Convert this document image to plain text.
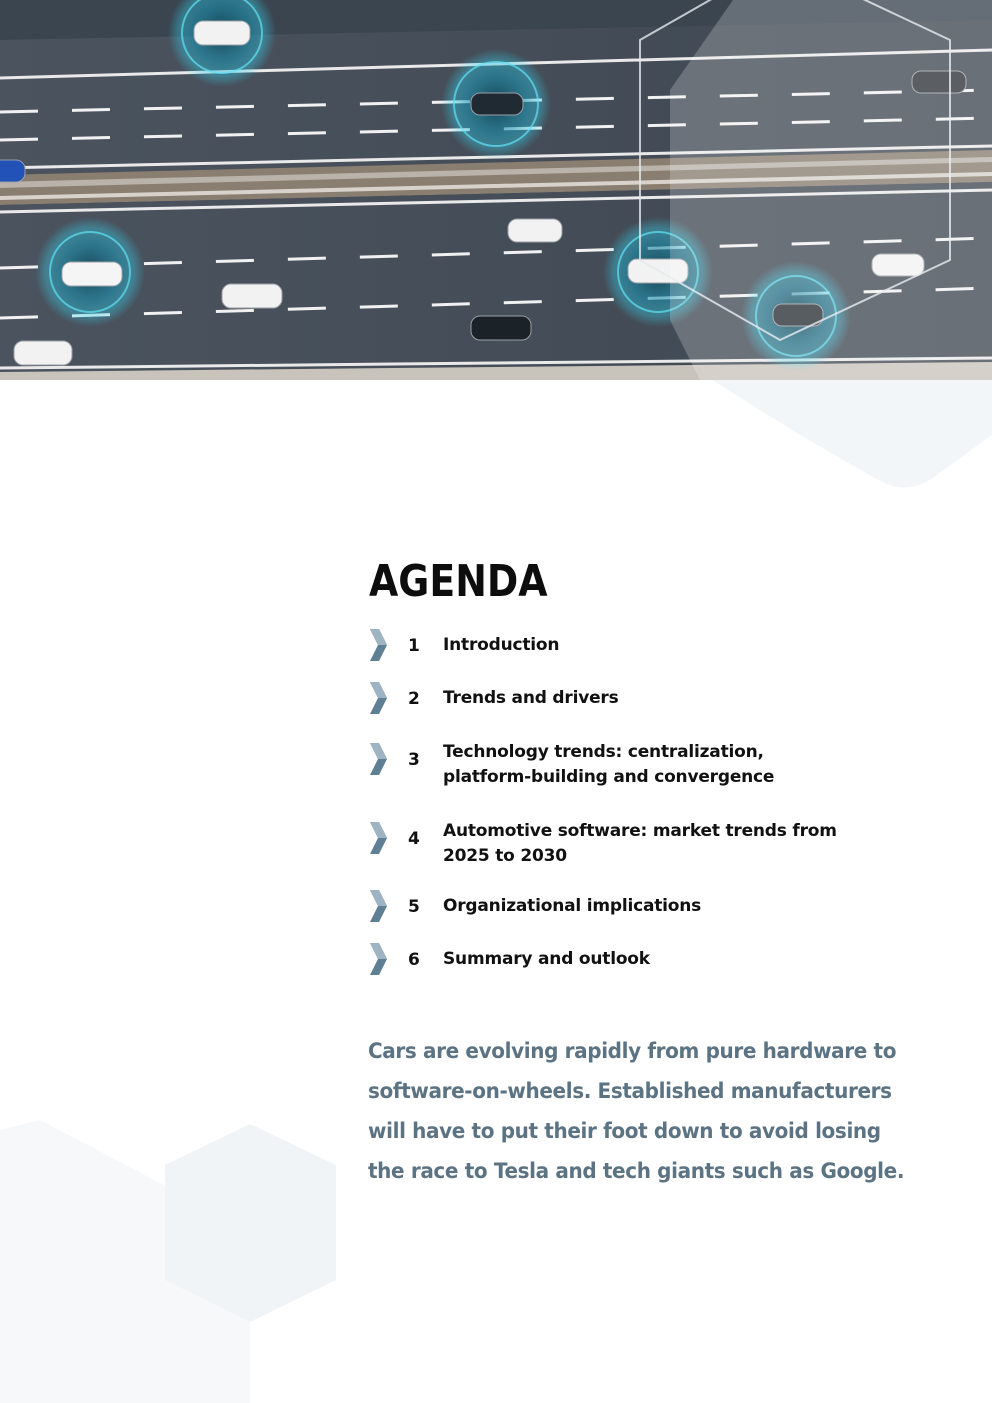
AGENDA
1	Introduction
2	Trends and drivers
3	Technology trends: centralization,
platform-building and convergence
4	Automotive software: market trends from
2025 to 2030
5	Organizational implications
6	Summary and outlook

Cars are evolving rapidly from pure hardware to
software-on-wheels. Established manufacturers
will have to put their foot down to avoid losing
the race to Tesla and tech giants such as Google.
